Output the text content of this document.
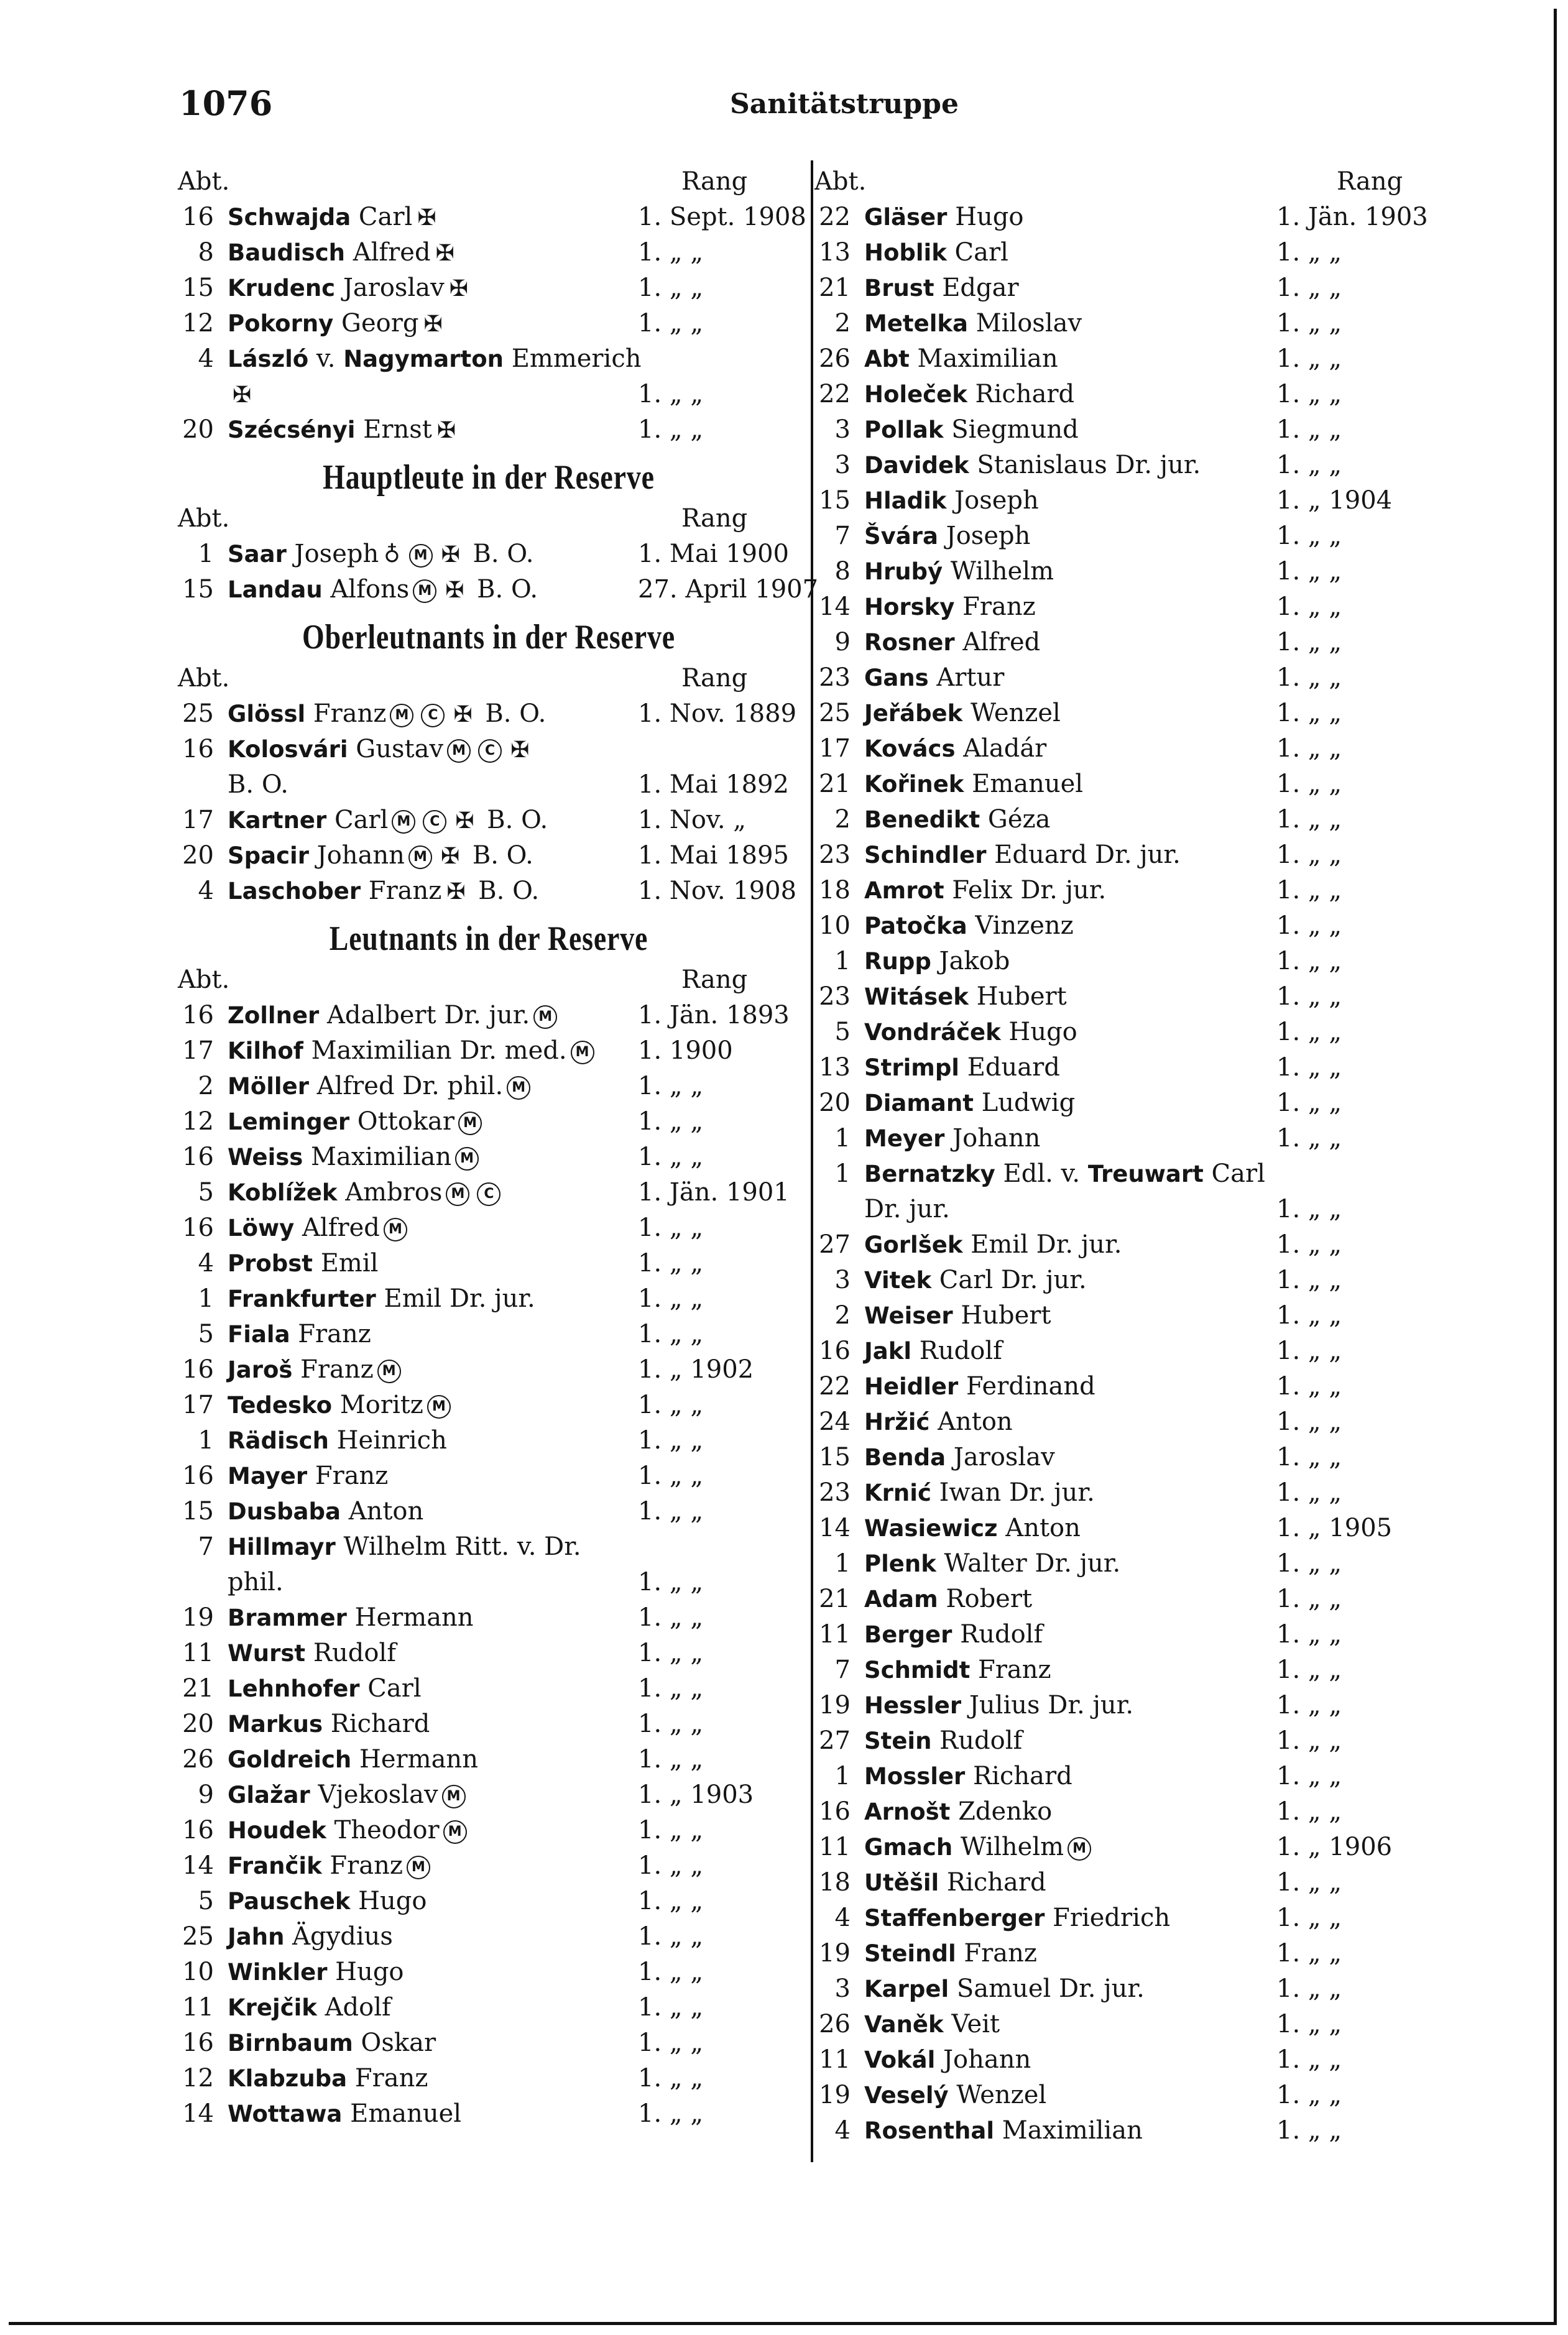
1076	Sanitätstruppe
Abt.	Rang
16 Schwajda Carl ✠	1. Sept. 1908
8 Baudisch Alfred ✠	1. „ „
15 Krudenc Jaroslav ✠	1. „ „
12 Pokorny Georg ✠	1. „ „
4 László v. Nagymarton Emmerich
✠	1. „ „
20 Szécsényi Ernst ✠	1. „ „
Hauptleute in der Reserve
Abt.	Rang
1 Saar Joseph ♁ M ✠ B. O.	1. Mai 1900
15 Landau Alfons M ✠ B. O.	27. April 1907
Oberleutnants in der Reserve
Abt.	Rang
25 Glössl Franz M C ✠ B. O.	1. Nov. 1889
16 Kolosvári Gustav M C ✠
B. O.	1. Mai 1892
17 Kartner Carl M C ✠ B. O.	1. Nov. „
20 Spacir Johann M ✠ B. O.	1. Mai 1895
4 Laschober Franz ✠ B. O.	1. Nov. 1908
Leutnants in der Reserve
Abt.	Rang
16 Zollner Adalbert Dr. jur. M	1. Jän. 1893
17 Kilhof Maximilian Dr. med. M	1. 1900
2 Möller Alfred Dr. phil. M	1. „ „
12 Leminger Ottokar M	1. „ „
16 Weiss Maximilian M	1. „ „
5 Koblížek Ambros M C	1. Jän. 1901
16 Löwy Alfred M	1. „ „
4 Probst Emil	1. „ „
1 Frankfurter Emil Dr. jur.	1. „ „
5 Fiala Franz	1. „ „
16 Jaroš Franz M	1. „ 1902
17 Tedesko Moritz M	1. „ „
1 Rädisch Heinrich	1. „ „
16 Mayer Franz	1. „ „
15 Dusbaba Anton	1. „ „
7 Hillmayr Wilhelm Ritt. v. Dr.
phil.	1. „ „
19 Brammer Hermann	1. „ „
11 Wurst Rudolf	1. „ „
21 Lehnhofer Carl	1. „ „
20 Markus Richard	1. „ „
26 Goldreich Hermann	1. „ „
9 Glažar Vjekoslav M	1. „ 1903
16 Houdek Theodor M	1. „ „
14 Frančik Franz M	1. „ „
5 Pauschek Hugo	1. „ „
25 Jahn Ägydius	1. „ „
10 Winkler Hugo	1. „ „
11 Krejčik Adolf	1. „ „
16 Birnbaum Oskar	1. „ „
12 Klabzuba Franz	1. „ „
14 Wottawa Emanuel	1. „ „
Abt.	Rang
22 Gläser Hugo	1. Jän. 1903
13 Hoblik Carl	1. „ „
21 Brust Edgar	1. „ „
2 Metelka Miloslav	1. „ „
26 Abt Maximilian	1. „ „
22 Holeček Richard	1. „ „
3 Pollak Siegmund	1. „ „
3 Davidek Stanislaus Dr. jur.	1. „ „
15 Hladik Joseph	1. „ 1904
7 Švára Joseph	1. „ „
8 Hrubý Wilhelm	1. „ „
14 Horsky Franz	1. „ „
9 Rosner Alfred	1. „ „
23 Gans Artur	1. „ „
25 Jeřábek Wenzel	1. „ „
17 Kovács Aladár	1. „ „
21 Kořinek Emanuel	1. „ „
2 Benedikt Géza	1. „ „
23 Schindler Eduard Dr. jur.	1. „ „
18 Amrot Felix Dr. jur.	1. „ „
10 Patočka Vinzenz	1. „ „
1 Rupp Jakob	1. „ „
23 Witásek Hubert	1. „ „
5 Vondráček Hugo	1. „ „
13 Strimpl Eduard	1. „ „
20 Diamant Ludwig	1. „ „
1 Meyer Johann	1. „ „
1 Bernatzky Edl. v. Treuwart Carl
Dr. jur.	1. „ „
27 Gorlšek Emil Dr. jur.	1. „ „
3 Vitek Carl Dr. jur.	1. „ „
2 Weiser Hubert	1. „ „
16 Jakl Rudolf	1. „ „
22 Heidler Ferdinand	1. „ „
24 Hržić Anton	1. „ „
15 Benda Jaroslav	1. „ „
23 Krnić Iwan Dr. jur.	1. „ „
14 Wasiewicz Anton	1. „ 1905
1 Plenk Walter Dr. jur.	1. „ „
21 Adam Robert	1. „ „
11 Berger Rudolf	1. „ „
7 Schmidt Franz	1. „ „
19 Hessler Julius Dr. jur.	1. „ „
27 Stein Rudolf	1. „ „
1 Mossler Richard	1. „ „
16 Arnošt Zdenko	1. „ „
11 Gmach Wilhelm M	1. „ 1906
18 Utěšil Richard	1. „ „
4 Staffenberger Friedrich	1. „ „
19 Steindl Franz	1. „ „
3 Karpel Samuel Dr. jur.	1. „ „
26 Vaněk Veit	1. „ „
11 Vokál Johann	1. „ „
19 Veselý Wenzel	1. „ „
4 Rosenthal Maximilian	1. „ „
